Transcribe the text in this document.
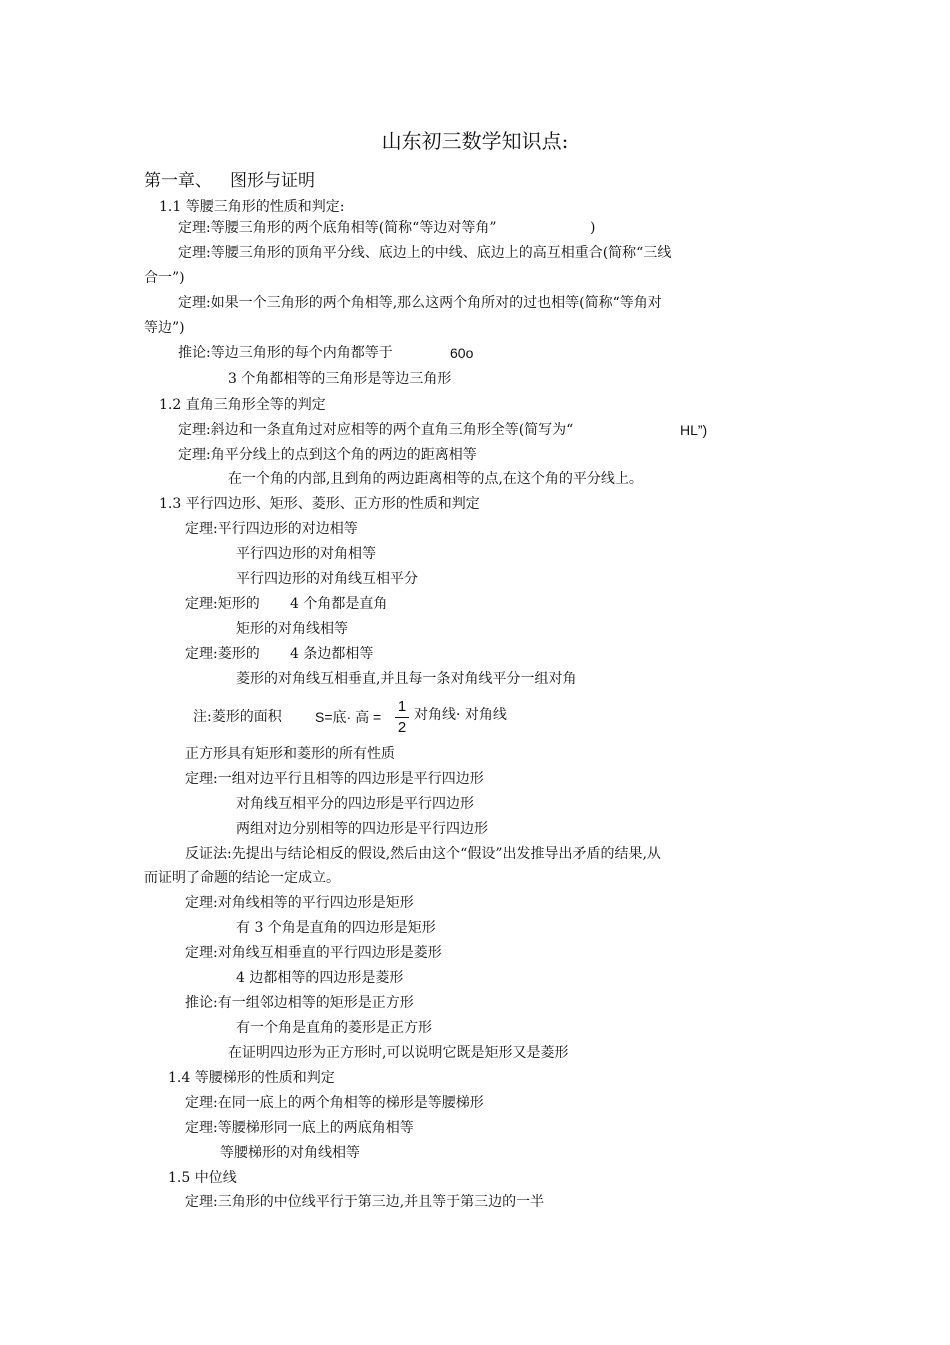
山东初三数学知识点:
第一章、 图形与证明
1.1 等腰三角形的性质和判定:
定理:等腰三角形的两个底角相等(简称“等边对等角”	)
定理:等腰三角形的顶角平分线、底边上的中线、底边上的高互相重合(简称“三线
合一”)
定理:如果一个三角形的两个角相等,那么这两个角所对的过也相等(简称“等角对
等边”)
推论:等边三角形的每个内角都等于	60o
3 个角都相等的三角形是等边三角形
1.2 直角三角形全等的判定
定理:斜边和一条直角过对应相等的两个直角三角形全等(简写为“	HL”)
定理:角平分线上的点到这个角的两边的距离相等
在一个角的内部,且到角的两边距离相等的点,在这个角的平分线上。
1.3 平行四边形、矩形、菱形、正方形的性质和判定
定理:平行四边形的对边相等
平行四边形的对角相等
平行四边形的对角线互相平分
定理:矩形的 4 个角都是直角
矩形的对角线相等
定理:菱形的 4 条边都相等
菱形的对角线互相垂直,并且每一条对角线平分一组对角
注:菱形的面积 S=底· 高 =
1
2
对角线· 对角线
正方形具有矩形和菱形的所有性质
定理:一组对边平行且相等的四边形是平行四边形
对角线互相平分的四边形是平行四边形
两组对边分别相等的四边形是平行四边形
反证法:先提出与结论相反的假设,然后由这个“假设”出发推导出矛盾的结果,从
而证明了命题的结论一定成立。
定理:对角线相等的平行四边形是矩形
有 3 个角是直角的四边形是矩形
定理:对角线互相垂直的平行四边形是菱形
4 边都相等的四边形是菱形
推论:有一组邻边相等的矩形是正方形
有一个角是直角的菱形是正方形
在证明四边形为正方形时,可以说明它既是矩形又是菱形
1.4 等腰梯形的性质和判定
定理:在同一底上的两个角相等的梯形是等腰梯形
定理:等腰梯形同一底上的两底角相等
等腰梯形的对角线相等
1.5 中位线
定理:三角形的中位线平行于第三边,并且等于第三边的一半
